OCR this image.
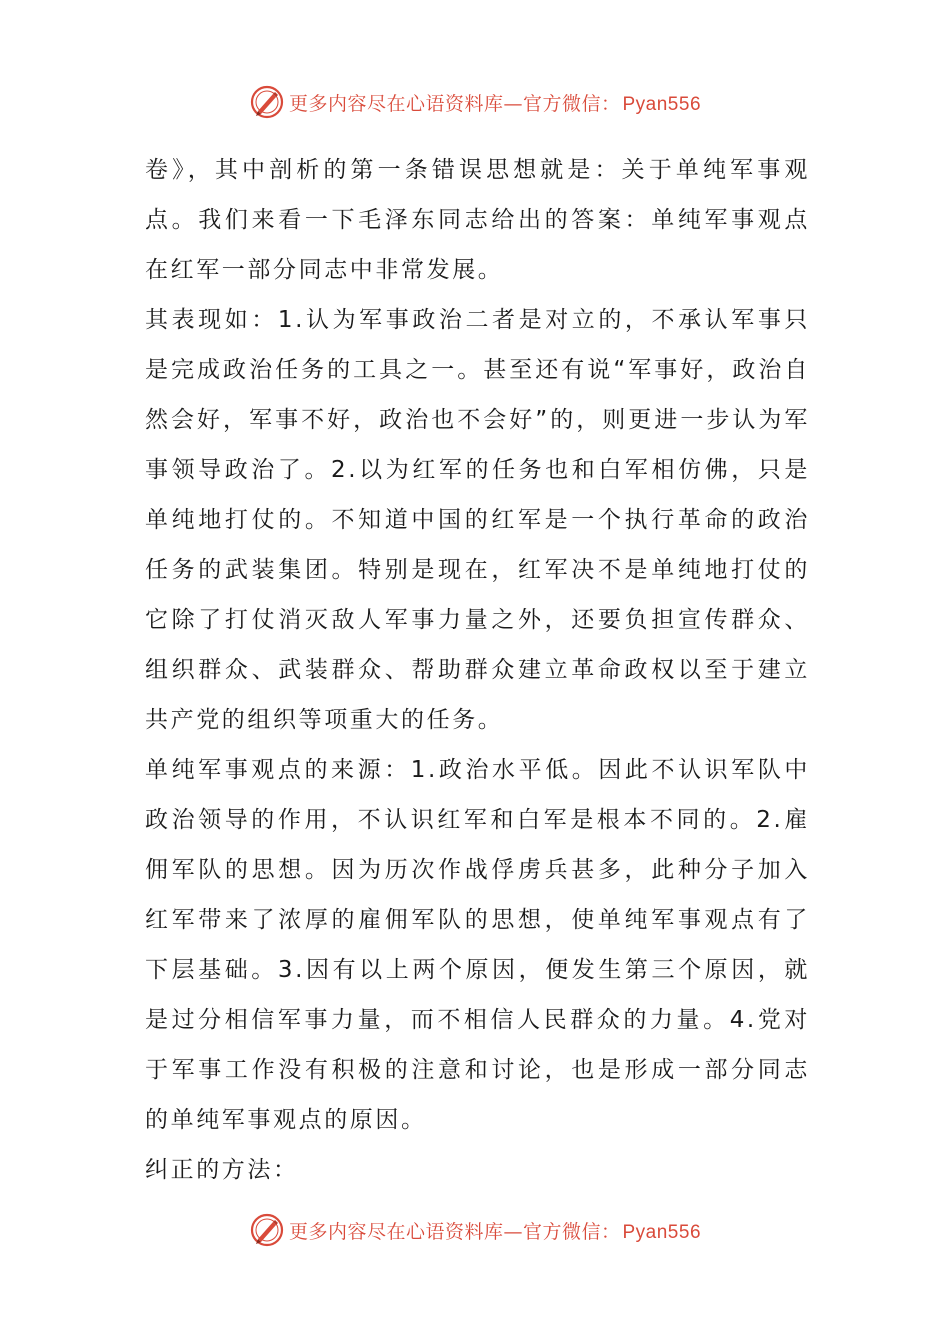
更多内容尽在心语资料库—官方微信： Pyan556

卷》，其中剖析的第一条错误思想就是：关于单纯军事观点。我们来看一下毛泽东同志给出的答案：单纯军事观点在红军一部分同志中非常发展。

其表现如：1.认为军事政治二者是对立的，不承认军事只是完成政治任务的工具之一。甚至还有说“军事好，政治自然会好，军事不好，政治也不会好”的，则更进一步认为军事领导政治了。2.以为红军的任务也和白军相仿佛，只是单纯地打仗的。不知道中国的红军是一个执行革命的政治任务的武装集团。特别是现在，红军决不是单纯地打仗的它除了打仗消灭敌人军事力量之外，还要负担宣传群众、组织群众、武装群众、帮助群众建立革命政权以至于建立共产党的组织等项重大的任务。

单纯军事观点的来源：1.政治水平低。因此不认识军队中政治领导的作用，不认识红军和白军是根本不同的。2.雇佣军队的思想。因为历次作战俘虏兵甚多，此种分子加入红军带来了浓厚的雇佣军队的思想，使单纯军事观点有了下层基础。3.因有以上两个原因，便发生第三个原因，就是过分相信军事力量，而不相信人民群众的力量。4.党对于军事工作没有积极的注意和讨论，也是形成一部分同志的单纯军事观点的原因。

纠正的方法：

更多内容尽在心语资料库—官方微信： Pyan556
